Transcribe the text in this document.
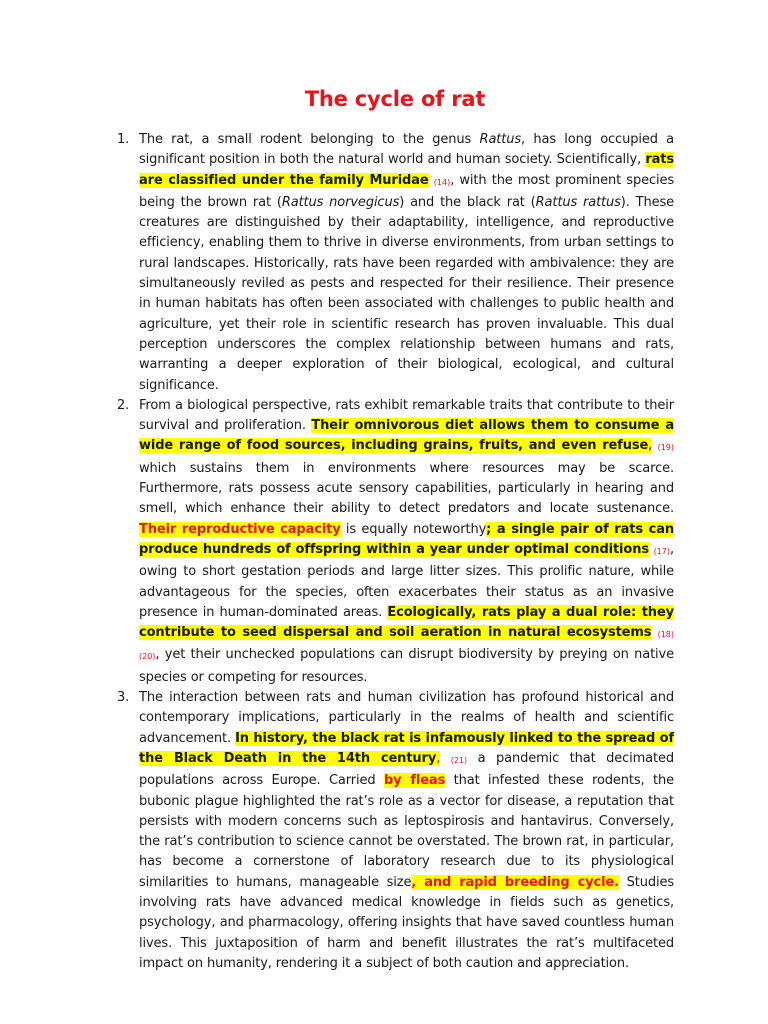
The cycle of rat
1. The rat, a small rodent belonging to the genus Rattus, has long occupied a significant position in both the natural world and human society. Scientifically, rats are classified under the family Muridae (14), with the most prominent species being the brown rat (Rattus norvegicus) and the black rat (Rattus rattus). These creatures are distinguished by their adaptability, intelligence, and reproductive efficiency, enabling them to thrive in diverse environments, from urban settings to rural landscapes. Historically, rats have been regarded with ambivalence: they are simultaneously reviled as pests and respected for their resilience. Their presence in human habitats has often been associated with challenges to public health and agriculture, yet their role in scientific research has proven invaluable. This dual perception underscores the complex relationship between humans and rats, warranting a deeper exploration of their biological, ecological, and cultural significance.
2. From a biological perspective, rats exhibit remarkable traits that contribute to their survival and proliferation. Their omnivorous diet allows them to consume a wide range of food sources, including grains, fruits, and even refuse, (19) which sustains them in environments where resources may be scarce. Furthermore, rats possess acute sensory capabilities, particularly in hearing and smell, which enhance their ability to detect predators and locate sustenance. Their reproductive capacity is equally noteworthy; a single pair of rats can produce hundreds of offspring within a year under optimal conditions (17), owing to short gestation periods and large litter sizes. This prolific nature, while advantageous for the species, often exacerbates their status as an invasive presence in human-dominated areas. Ecologically, rats play a dual role: they contribute to seed dispersal and soil aeration in natural ecosystems (18) (20), yet their unchecked populations can disrupt biodiversity by preying on native species or competing for resources.
3. The interaction between rats and human civilization has profound historical and contemporary implications, particularly in the realms of health and scientific advancement. In history, the black rat is infamously linked to the spread of the Black Death in the 14th century, (21) a pandemic that decimated populations across Europe. Carried by fleas that infested these rodents, the bubonic plague highlighted the rat’s role as a vector for disease, a reputation that persists with modern concerns such as leptospirosis and hantavirus. Conversely, the rat’s contribution to science cannot be overstated. The brown rat, in particular, has become a cornerstone of laboratory research due to its physiological similarities to humans, manageable size, and rapid breeding cycle. Studies involving rats have advanced medical knowledge in fields such as genetics, psychology, and pharmacology, offering insights that have saved countless human lives. This juxtaposition of harm and benefit illustrates the rat’s multifaceted impact on humanity, rendering it a subject of both caution and appreciation.
